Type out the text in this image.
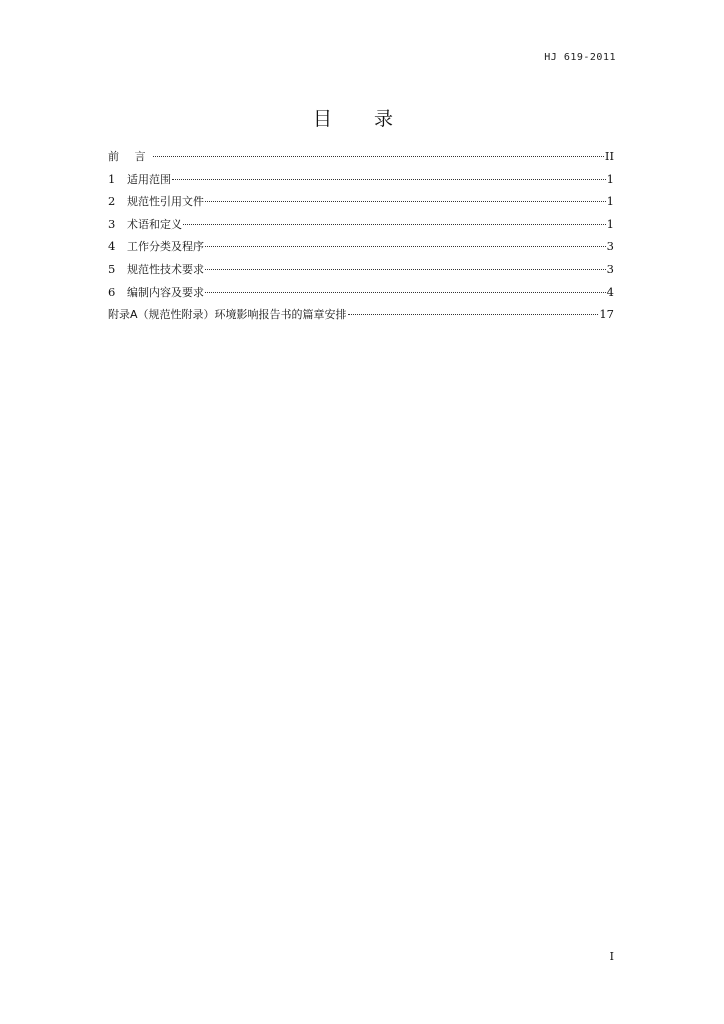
HJ 619-2011
目 录
前 言	II
1	适用范围	1
2	规范性引用文件	1
3	术语和定义	1
4	工作分类及程序	3
5	规范性技术要求	3
6	编制内容及要求	4
附录A（规范性附录）环境影响报告书的篇章安排	17
I
